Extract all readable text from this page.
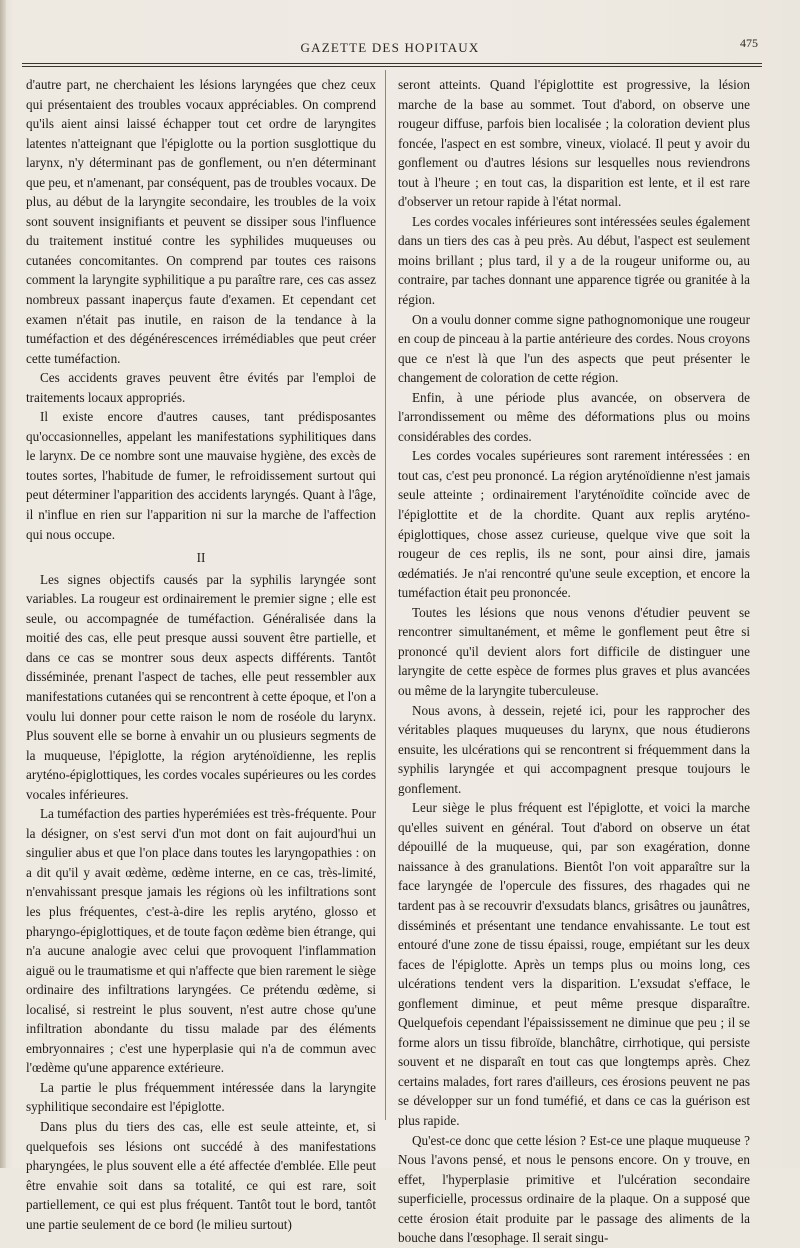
GAZETTE DES HOPITAUX	475

d'autre part, ne cherchaient les lésions laryngées que chez ceux qui présentaient des troubles vocaux appréciables. On comprend qu'ils aient ainsi laissé échapper tout cet ordre de laryngites latentes n'atteignant que l'épiglotte ou la portion susglottique du larynx, n'y déterminant pas de gonflement, ou n'en déterminant que peu, et n'amenant, par conséquent, pas de troubles vocaux. De plus, au début de la laryngite secondaire, les troubles de la voix sont souvent insignifiants et peuvent se dissiper sous l'influence du traitement institué contre les syphilides muqueuses ou cutanées concomitantes. On comprend par toutes ces raisons comment la laryngite syphilitique a pu paraître rare, ces cas assez nombreux passant inaperçus faute d'examen. Et cependant cet examen n'était pas inutile, en raison de la tendance à la tuméfaction et des dégénérescences irrémédiables que peut créer cette tuméfaction.

Ces accidents graves peuvent être évités par l'emploi de traitements locaux appropriés.

Il existe encore d'autres causes, tant prédisposantes qu'occasionnelles, appelant les manifestations syphilitiques dans le larynx. De ce nombre sont une mauvaise hygiène, des excès de toutes sortes, l'habitude de fumer, le refroidissement surtout qui peut déterminer l'apparition des accidents laryngés. Quant à l'âge, il n'influe en rien sur l'apparition ni sur la marche de l'affection qui nous occupe.

II

Les signes objectifs causés par la syphilis laryngée sont variables. La rougeur est ordinairement le premier signe ; elle est seule, ou accompagnée de tuméfaction. Généralisée dans la moitié des cas, elle peut presque aussi souvent être partielle, et dans ce cas se montrer sous deux aspects différents. Tantôt disséminée, prenant l'aspect de taches, elle peut ressembler aux manifestations cutanées qui se rencontrent à cette époque, et l'on a voulu lui donner pour cette raison le nom de roséole du larynx. Plus souvent elle se borne à envahir un ou plusieurs segments de la muqueuse, l'épiglotte, la région aryténoïdienne, les replis aryténo-épiglottiques, les cordes vocales supérieures ou les cordes vocales inférieures.

La tuméfaction des parties hyperémiées est très-fréquente. Pour la désigner, on s'est servi d'un mot dont on fait aujourd'hui un singulier abus et que l'on place dans toutes les laryngopathies : on a dit qu'il y avait œdème, œdème interne, en ce cas, très-limité, n'envahissant presque jamais les régions où les infiltrations sont les plus fréquentes, c'est-à-dire les replis aryténo, glosso et pharyngo-épiglottiques, et de toute façon œdème bien étrange, qui n'a aucune analogie avec celui que provoquent l'inflammation aiguë ou le traumatisme et qui n'affecte que bien rarement le siège ordinaire des infiltrations laryngées. Ce prétendu œdème, si localisé, si restreint le plus souvent, n'est autre chose qu'une infiltration abondante du tissu malade par des éléments embryonnaires ; c'est une hyperplasie qui n'a de commun avec l'œdème qu'une apparence extérieure.

La partie le plus fréquemment intéressée dans la laryngite syphilitique secondaire est l'épiglotte.

Dans plus du tiers des cas, elle est seule atteinte, et, si quelquefois ses lésions ont succédé à des manifestations pharyngées, le plus souvent elle a été affectée d'emblée. Elle peut être envahie soit dans sa totalité, ce qui est rare, soit partiellement, ce qui est plus fréquent. Tantôt tout le bord, tantôt une partie seulement de ce bord (le milieu surtout)

seront atteints. Quand l'épiglottite est progressive, la lésion marche de la base au sommet. Tout d'abord, on observe une rougeur diffuse, parfois bien localisée ; la coloration devient plus foncée, l'aspect en est sombre, vineux, violacé. Il peut y avoir du gonflement ou d'autres lésions sur lesquelles nous reviendrons tout à l'heure ; en tout cas, la disparition est lente, et il est rare d'observer un retour rapide à l'état normal.

Les cordes vocales inférieures sont intéressées seules également dans un tiers des cas à peu près. Au début, l'aspect est seulement moins brillant ; plus tard, il y a de la rougeur uniforme ou, au contraire, par taches donnant une apparence tigrée ou granitée à la région.

On a voulu donner comme signe pathognomonique une rougeur en coup de pinceau à la partie antérieure des cordes. Nous croyons que ce n'est là que l'un des aspects que peut présenter le changement de coloration de cette région.

Enfin, à une période plus avancée, on observera de l'arrondissement ou même des déformations plus ou moins considérables des cordes.

Les cordes vocales supérieures sont rarement intéressées : en tout cas, c'est peu prononcé. La région aryténoïdienne n'est jamais seule atteinte ; ordinairement l'aryténoïdite coïncide avec de l'épiglottite et de la chordite. Quant aux replis aryténo-épiglottiques, chose assez curieuse, quelque vive que soit la rougeur de ces replis, ils ne sont, pour ainsi dire, jamais œdématiés. Je n'ai rencontré qu'une seule exception, et encore la tuméfaction était peu prononcée.

Toutes les lésions que nous venons d'étudier peuvent se rencontrer simultanément, et même le gonflement peut être si prononcé qu'il devient alors fort difficile de distinguer une laryngite de cette espèce de formes plus graves et plus avancées ou même de la laryngite tuberculeuse.

Nous avons, à dessein, rejeté ici, pour les rapprocher des véritables plaques muqueuses du larynx, que nous étudierons ensuite, les ulcérations qui se rencontrent si fréquemment dans la syphilis laryngée et qui accompagnent presque toujours le gonflement.

Leur siège le plus fréquent est l'épiglotte, et voici la marche qu'elles suivent en général. Tout d'abord on observe un état dépouillé de la muqueuse, qui, par son exagération, donne naissance à des granulations. Bientôt l'on voit apparaître sur la face laryngée de l'opercule des fissures, des rhagades qui ne tardent pas à se recouvrir d'exsudats blancs, grisâtres ou jaunâtres, disséminés et présentant une tendance envahissante. Le tout est entouré d'une zone de tissu épaissi, rouge, empiétant sur les deux faces de l'épiglotte. Après un temps plus ou moins long, ces ulcérations tendent vers la disparition. L'exsudat s'efface, le gonflement diminue, et peut même presque disparaître. Quelquefois cependant l'épaississement ne diminue que peu ; il se forme alors un tissu fibroïde, blanchâtre, cirrhotique, qui persiste souvent et ne disparaît en tout cas que longtemps après. Chez certains malades, fort rares d'ailleurs, ces érosions peuvent ne pas se développer sur un fond tuméfié, et dans ce cas la guérison est plus rapide.

Qu'est-ce donc que cette lésion ? Est-ce une plaque muqueuse ? Nous l'avons pensé, et nous le pensons encore. On y trouve, en effet, l'hyperplasie primitive et l'ulcération secondaire superficielle, processus ordinaire de la plaque. On a supposé que cette érosion était produite par le passage des aliments de la bouche dans l'œsophage. Il serait singu-
